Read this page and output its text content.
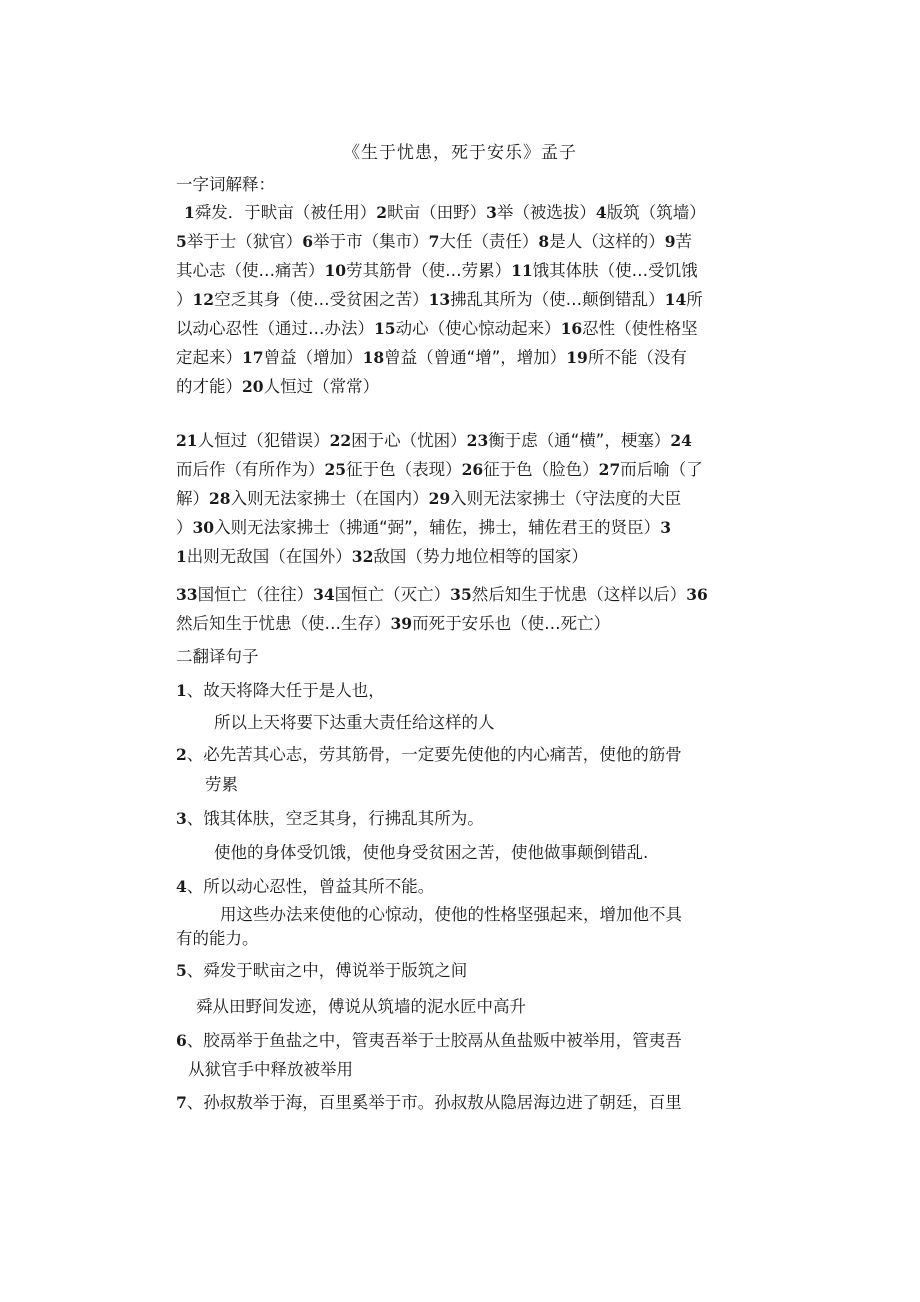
《生于忧患，死于安乐》孟子
一字词解释：
1舜发．于畎亩（被任用）2畎亩（田野）3举（被选拔）4版筑（筑墙）
5举于士（狱官）6举于市（集市）7大任（责任）8是人（这样的）9苦
其心志（使…痛苦）10劳其筋骨（使…劳累）11饿其体肤（使…受饥饿
）12空乏其身（使…受贫困之苦）13拂乱其所为（使…颠倒错乱）14所
以动心忍性（通过…办法）15动心（使心惊动起来）16忍性（使性格坚
定起来）17曾益（增加）18曾益（曾通“增”，增加）19所不能（没有
的才能）20人恒过（常常）
21人恒过（犯错误）22困于心（忧困）23衡于虑（通“横”，梗塞）24
而后作（有所作为）25征于色（表现）26征于色（脸色）27而后喻（了
解）28入则无法家拂士（在国内）29入则无法家拂士（守法度的大臣
）30入则无法家拂士（拂通“弼”，辅佐，拂士，辅佐君王的贤臣）3
1出则无敌国（在国外）32敌国（势力地位相等的国家）
33国恒亡（往往）34国恒亡（灭亡）35然后知生于忧患（这样以后）36
然后知生于忧患（使…生存）39而死于安乐也（使…死亡）
二翻译句子
1、故天将降大任于是人也，
所以上天将要下达重大责任给这样的人
2、必先苦其心志，劳其筋骨，一定要先使他的内心痛苦，使他的筋骨
劳累
3、饿其体肤，空乏其身，行拂乱其所为。
使他的身体受饥饿，使他身受贫困之苦，使他做事颠倒错乱.
4、所以动心忍性，曾益其所不能。
用这些办法来使他的心惊动，使他的性格坚强起来，增加他不具
有的能力。
5、舜发于畎亩之中，傅说举于版筑之间
舜从田野间发迹，傅说从筑墙的泥水匠中高升
6、胶鬲举于鱼盐之中，管夷吾举于士胶鬲从鱼盐贩中被举用，管夷吾
从狱官手中释放被举用
7、孙叔敖举于海，百里奚举于市。孙叔敖从隐居海边进了朝廷，百里
